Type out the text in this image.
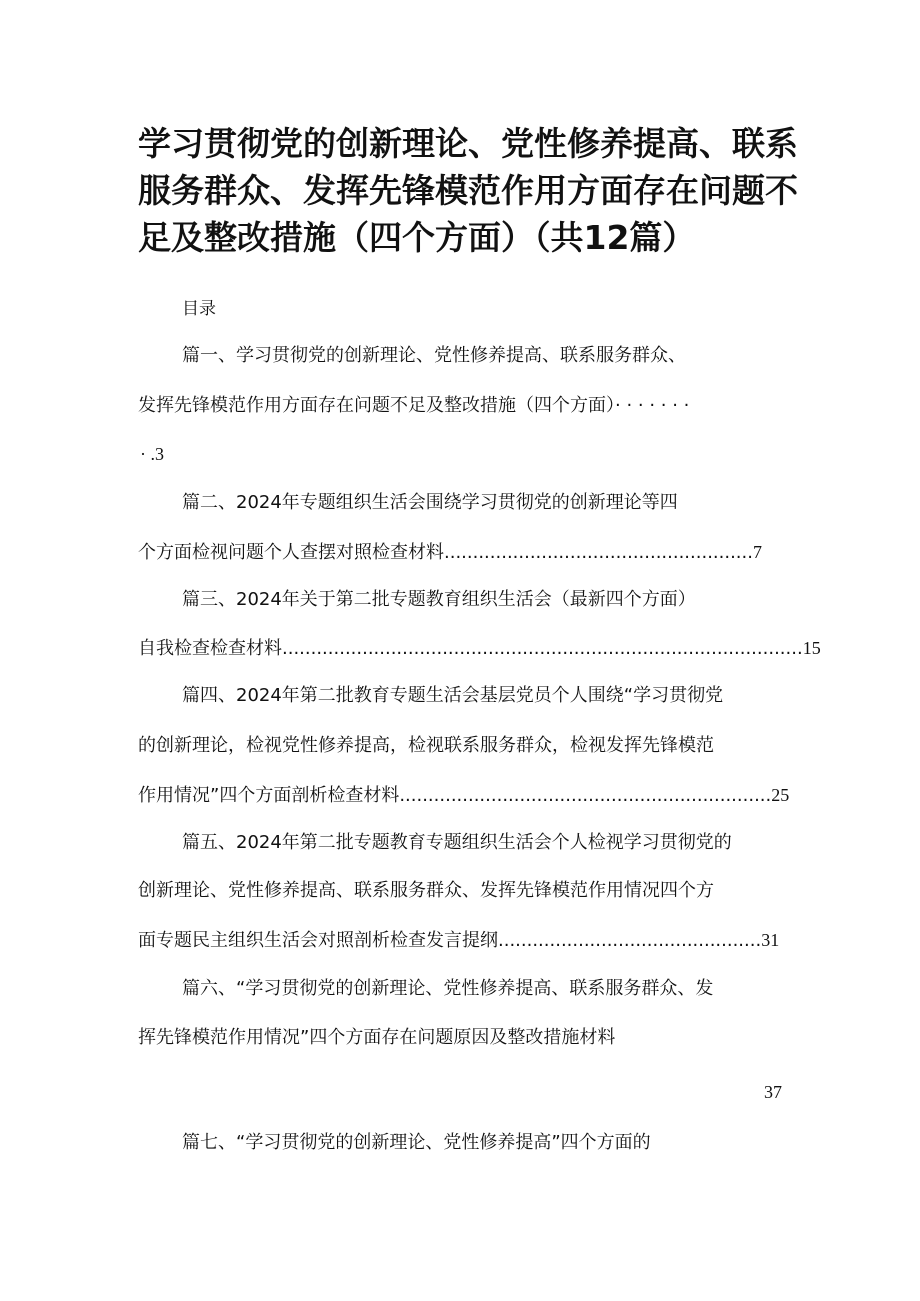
学习贯彻党的创新理论、党性修养提高、联系
服务群众、发挥先锋模范作用方面存在问题不
足及整改措施（四个方面）（共12篇）
目录
篇一、学习贯彻党的创新理论、党性修养提高、联系服务群众、
发挥先锋模范作用方面存在问题不足及整改措施（四个方面）· · · · · · ·
· .3
篇二、2024年专题组织生活会围绕学习贯彻党的创新理论等四
个方面检视问题个人查摆对照检查材料......................................................7
篇三、2024年关于第二批专题教育组织生活会（最新四个方面）
自我检查检查材料...........................................................................................15
篇四、2024年第二批教育专题生活会基层党员个人围绕“学习贯彻党
的创新理论，检视党性修养提高，检视联系服务群众，检视发挥先锋模范
作用情况”四个方面剖析检查材料.................................................................25
篇五、2024年第二批专题教育专题组织生活会个人检视学习贯彻党的
创新理论、党性修养提高、联系服务群众、发挥先锋模范作用情况四个方
面专题民主组织生活会对照剖析检查发言提纲..............................................31
篇六、“学习贯彻党的创新理论、党性修养提高、联系服务群众、发
挥先锋模范作用情况”四个方面存在问题原因及整改措施材料
37
篇七、“学习贯彻党的创新理论、党性修养提高”四个方面的
